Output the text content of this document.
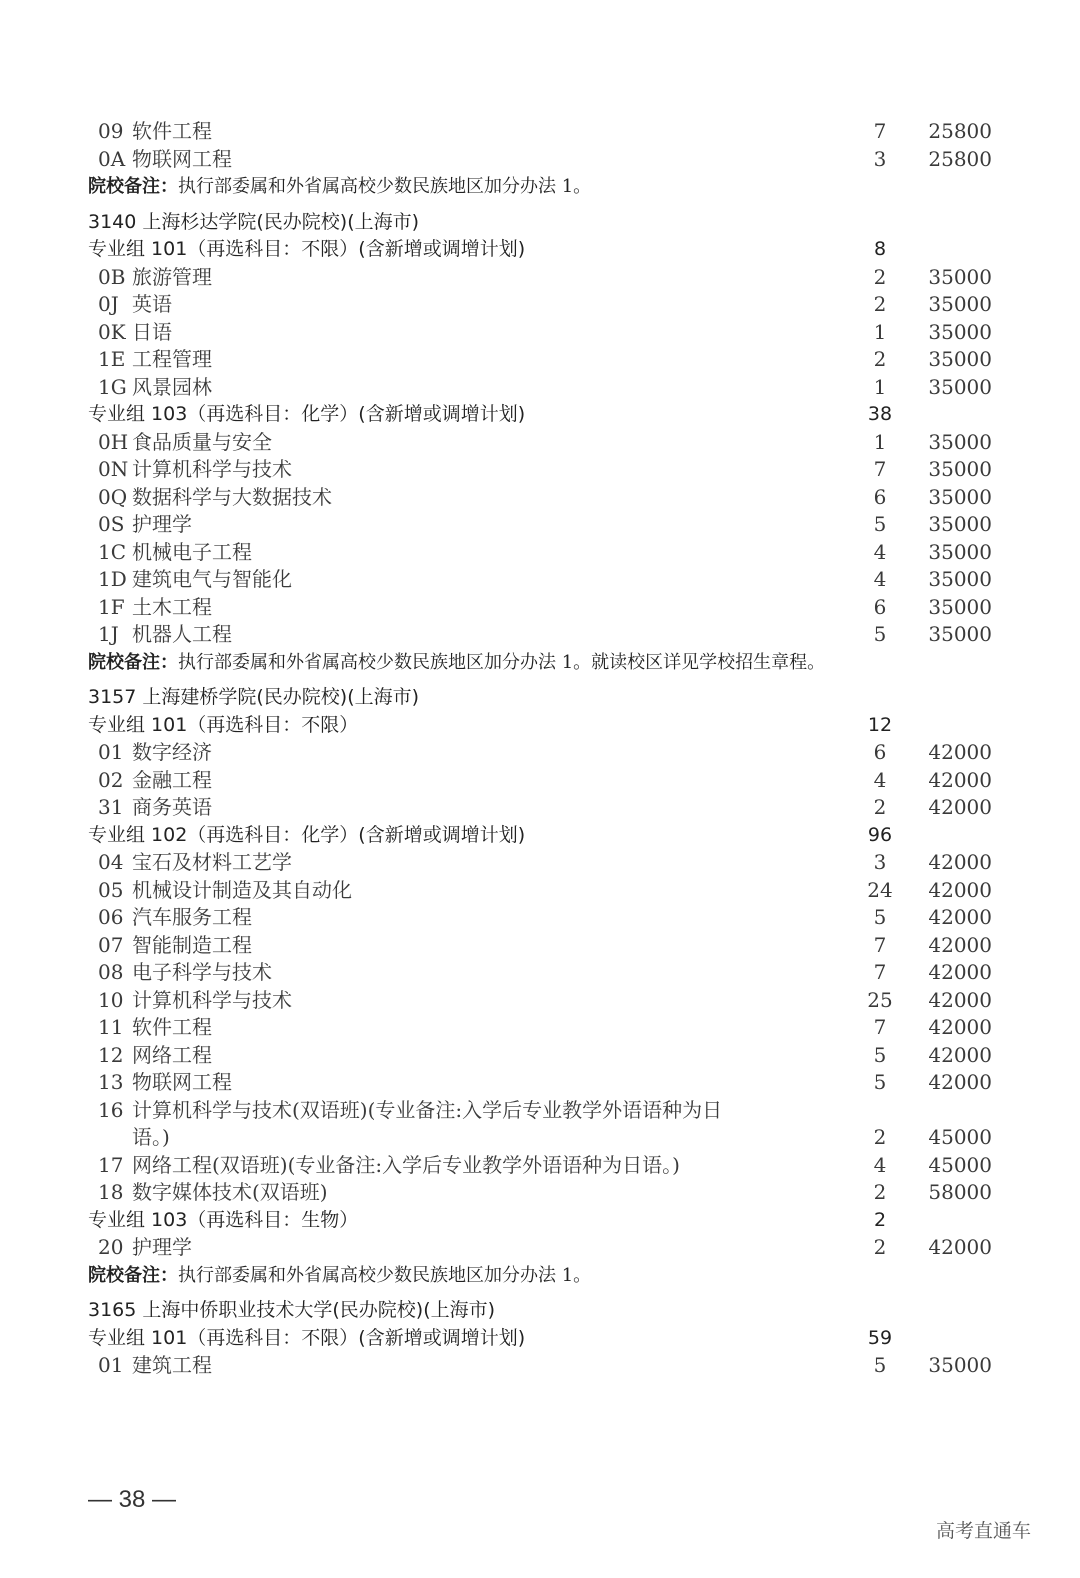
09 软件工程	7	25800
0A 物联网工程	3	25800
院校备注：执行部委属和外省属高校少数民族地区加分办法 1。
3140 上海杉达学院(民办院校)(上海市)
专业组 101（再选科目：不限）(含新增或调增计划)	8
0B 旅游管理	2	35000
0J 英语	2	35000
0K 日语	1	35000
1E 工程管理	2	35000
1G 风景园林	1	35000
专业组 103（再选科目：化学）(含新增或调增计划)	38
0H 食品质量与安全	1	35000
0N 计算机科学与技术	7	35000
0Q 数据科学与大数据技术	6	35000
0S 护理学	5	35000
1C 机械电子工程	4	35000
1D 建筑电气与智能化	4	35000
1F 土木工程	6	35000
1J 机器人工程	5	35000
院校备注：执行部委属和外省属高校少数民族地区加分办法 1。就读校区详见学校招生章程。
3157 上海建桥学院(民办院校)(上海市)
专业组 101（再选科目：不限）	12
01 数字经济	6	42000
02 金融工程	4	42000
31 商务英语	2	42000
专业组 102（再选科目：化学）(含新增或调增计划)	96
04 宝石及材料工艺学	3	42000
05 机械设计制造及其自动化	24	42000
06 汽车服务工程	5	42000
07 智能制造工程	7	42000
08 电子科学与技术	7	42000
10 计算机科学与技术	25	42000
11 软件工程	7	42000
12 网络工程	5	42000
13 物联网工程	5	42000
16 计算机科学与技术(双语班)(专业备注:入学后专业教学外语语种为日
语。)	2	45000
17 网络工程(双语班)(专业备注:入学后专业教学外语语种为日语。)	4	45000
18 数字媒体技术(双语班)	2	58000
专业组 103（再选科目：生物）	2
20 护理学	2	42000
院校备注：执行部委属和外省属高校少数民族地区加分办法 1。
3165 上海中侨职业技术大学(民办院校)(上海市)
专业组 101（再选科目：不限）(含新增或调增计划)	59
01 建筑工程	5	35000
— 38 —
高考直通车
